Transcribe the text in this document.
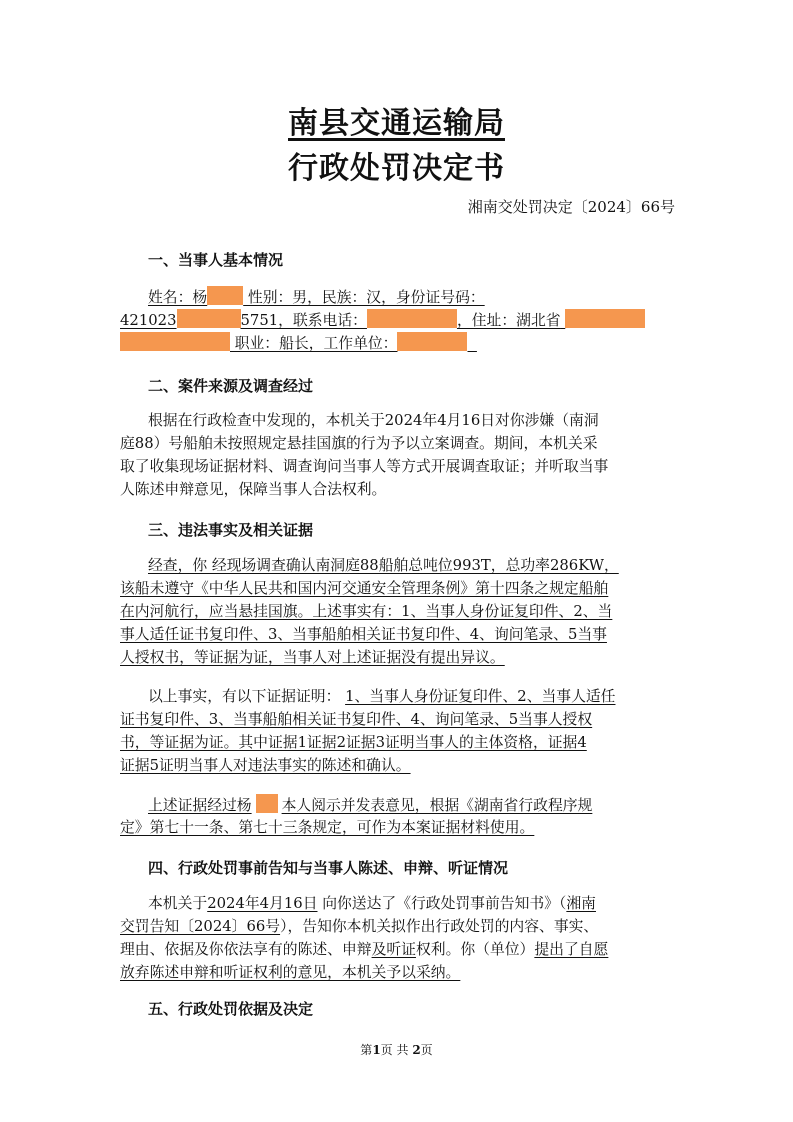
南县交通运输局
行政处罚决定书
湘南交处罚决定〔2024〕66号
一、当事人基本情况
姓名：杨 性别：男，民族：汉，身份证号码：
421023	5751，联系电话：	，住址：湖北省
职业：船长，工作单位：
二、案件来源及调查经过
根据在行政检查中发现的，本机关于2024年4月16日对你涉嫌（南洞
庭88）号船舶未按照规定悬挂国旗的行为予以立案调查。期间，本机关采
取了收集现场证据材料、调查询问当事人等方式开展调查取证；并听取当事
人陈述申辩意见，保障当事人合法权利。
三、违法事实及相关证据
经查，你 经现场调查确认南洞庭88船舶总吨位993T，总功率286KW，
该船未遵守《中华人民共和国内河交通安全管理条例》第十四条之规定船舶
在内河航行，应当悬挂国旗。上述事实有：1、当事人身份证复印件、2、当
事人适任证书复印件、3、当事船舶相关证书复印件、4、询问笔录、5当事
人授权书，等证据为证，当事人对上述证据没有提出异议。
以上事实，有以下证据证明： 1、当事人身份证复印件、2、当事人适任
证书复印件、3、当事船舶相关证书复印件、4、询问笔录、5当事人授权
书，等证据为证。其中证据1证据2证据3证明当事人的主体资格，证据4
证据5证明当事人对违法事实的陈述和确认。
上述证据经过杨 本人阅示并发表意见，根据《湖南省行政程序规
定》第七十一条、第七十三条规定，可作为本案证据材料使用。
四、行政处罚事前告知与当事人陈述、申辩、听证情况
本机关于2024年4月16日 向你送达了《行政处罚事前告知书》（湘南
交罚告知〔2024〕66号），告知你本机关拟作出行政处罚的内容、事实、
理由、依据及你依法享有的陈述、申辩及听证权利。你（单位）提出了自愿
放弃陈述申辩和听证权利的意见，本机关予以采纳。
五、行政处罚依据及决定
第1页 共 2页
